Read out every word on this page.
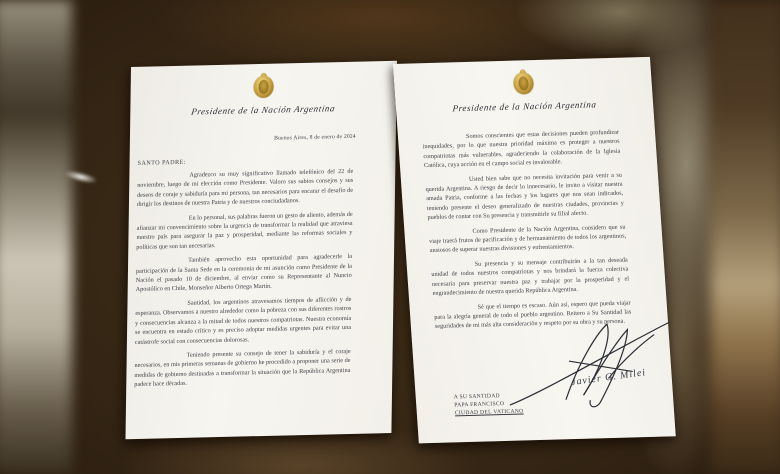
Presidente de la Nación Argentina
Buenos Aires, 8 de enero de 2024
SANTO PADRE:

Agradezco su muy significativo llamado telefónico del 22 de noviembre, luego de mi elección como Presidente. Valoro sus sabios consejos y sus deseos de coraje y sabiduría para mi persona, tan necesarios para encarar el desafío de dirigir los destinos de nuestra Patria y de nuestros conciudadanos.

En lo personal, sus palabras fueron un gesto de aliento, además de afianzar mi convencimiento sobre la urgencia de transformar la realidad que atraviesa nuestro país para asegurar la paz y prosperidad, mediante las reformas sociales y políticas que son tan necesarias.

También aprovecho esta oportunidad para agradecerle la participación de la Santa Sede en la ceremonia de mi asunción como Presidente de la Nación el pasado 10 de diciembre, al enviar como su Representante al Nuncio Apostólico en Chile, Monseñor Alberto Ortega Martín.

Santidad, los argentinos atravesamos tiempos de aflicción y de esperanza. Observamos a nuestro alrededor como la pobreza con sus diferentes rostros y consecuencias alcanza a la mitad de todos nuestros compatriotas. Nuestra economía se encuentra en estado crítico y es preciso adoptar medidas urgentes para evitar una catástrofe social con consecuencias dolorosas.

Teniendo presente su consejo de tener la sabiduría y el coraje necesarios, en mis primeras semanas de gobierno he procedido a proponer una serie de medidas de gobierno destinadas a transformar la situación que la República Argentina padece hace décadas.

Presidente de la Nación Argentina

Somos conscientes que estas decisiones pueden profundizar inequidades, por lo que nuestra prioridad máxima es proteger a nuestros compatriotas más vulnerables, agradeciendo la colaboración de la Iglesia Católica, cuya acción en el campo social es invalorable.

Usted bien sabe que no necesita invitación para venir a su querida Argentina. A riesgo de decir lo innecesario, le invito a visitar nuestra amada Patria, conforme a las fechas y los lugares que nos sean indicados, teniendo presente el deseo generalizado de nuestras ciudades, provincias y pueblos de contar con Su presencia y transmitirle su filial afecto.

Como Presidente de la Nación Argentina, considero que su viaje traerá frutos de pacificación y de hermanamiento de todos los argentinos, ansiosos de superar nuestras divisiones y enfrentamientos.

Su presencia y su mensaje contribuirán a la tan deseada unidad de todos nuestros compatriotas y nos brindará la fuerza colectiva necesaria para preservar nuestra paz y trabajar por la prosperidad y el engrandecimiento de nuestra querida República Argentina.

Sé que el tiempo es escaso. Aún así, espero que pueda viajar para la alegría general de todo el pueblo argentino. Reitero a Su Santidad las seguridades de mi más alta consideración y respeto por su obra y su persona.

Javier G. Milei
A SU SANTIDAD
PAPA FRANCISCO
CIUDAD DEL VATICANO
